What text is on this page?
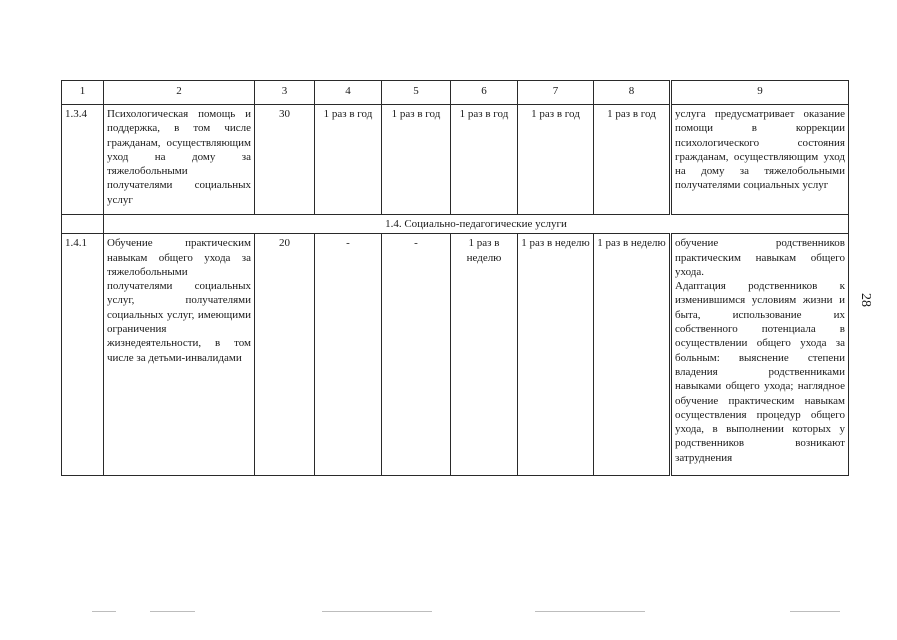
1	2	3	4	5	6	7	8	9
1.3.4	Психологическая помощь и поддержка, в том числе гражданам, осуществляющим уход на дому за тяжелобольными получателями социальных услуг	30	1 раз в год	1 раз в год	1 раз в год	1 раз в год	1 раз в год	услуга предусматривает оказание помощи в коррекции психологического состояния гражданам, осуществляющим уход на дому за тяжелобольными получателями социальных услуг
	1.4. Социально-педагогические услуги							
1.4.1	Обучение практическим навыкам общего ухода за тяжелобольными получателями социальных услуг, получателями социальных услуг, имеющими ограничения жизнедеятельности, в том числе за детьми-инвалидами	20	-	-	1 раз в неделю	1 раз в неделю	1 раз в неделю	обучение родственников практическим навыкам общего ухода.
Адаптация родственников к изменившимся условиям жизни и быта, использование их собственного потенциала в осуществлении общего ухода за больным: выяснение степени владения родственниками навыками общего ухода; наглядное обучение практическим навыкам осуществления процедур общего ухода, в выполнении которых у родственников возникают затруднения
28
